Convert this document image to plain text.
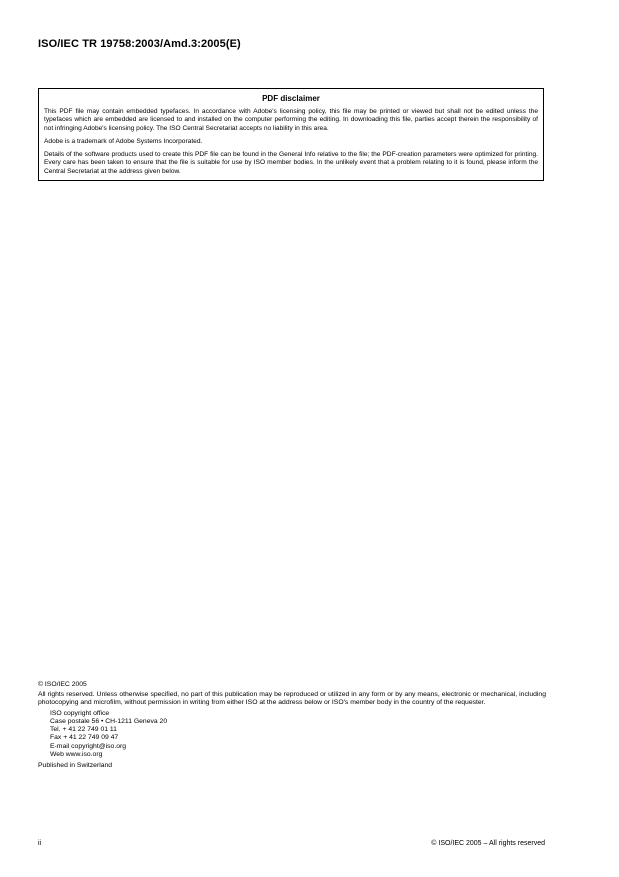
ISO/IEC TR 19758:2003/Amd.3:2005(E)
PDF disclaimer

This PDF file may contain embedded typefaces. In accordance with Adobe's licensing policy, this file may be printed or viewed but shall not be edited unless the typefaces which are embedded are licensed to and installed on the computer performing the editing. In downloading this file, parties accept therein the responsibility of not infringing Adobe's licensing policy. The ISO Central Secretariat accepts no liability in this area.

Adobe is a trademark of Adobe Systems Incorporated.

Details of the software products used to create this PDF file can be found in the General Info relative to the file; the PDF-creation parameters were optimized for printing. Every care has been taken to ensure that the file is suitable for use by ISO member bodies. In the unlikely event that a problem relating to it is found, please inform the Central Secretariat at the address given below.

© ISO/IEC 2005
All rights reserved. Unless otherwise specified, no part of this publication may be reproduced or utilized in any form or by any means, electronic or mechanical, including photocopying and microfilm, without permission in writing from either ISO at the address below or ISO's member body in the country of the requester.
ISO copyright office
Case postale 56 • CH-1211 Geneva 20
Tel. + 41 22 749 01 11
Fax + 41 22 749 09 47
E-mail copyright@iso.org
Web www.iso.org
Published in Switzerland
ii	© ISO/IEC 2005 – All rights reserved
